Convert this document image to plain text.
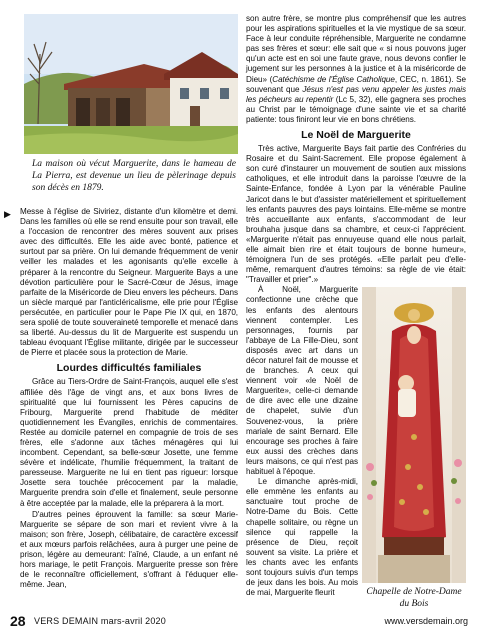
La maison où vécut Marguerite, dans le hameau de La Pierra, est devenue un lieu de pèlerinage depuis son décès en 1879.
▶ Messe à l'église de Siviriez, distante d'un kilomètre et demi. Dans les familles où elle se rend ensuite pour son travail, elle a l'occasion de rencontrer des mères souvent aux prises avec des difficultés. Elle les aide avec bonté, patience et surtout par sa prière. On lui demande fréquemment de venir veiller les malades et les agonisants qu'elle excelle à préparer à la rencontre du Seigneur. Marguerite Bays a une dévotion particulière pour le Sacré-Cœur de Jésus, image parfaite de la Miséricorde de Dieu envers les pécheurs. Dans un siècle marqué par l'anticléricalisme, elle prie pour l'Église persécutée, en particulier pour le Pape Pie IX qui, en 1870, sera spolié de toute souveraineté temporelle et menacé dans sa liberté. Au-dessus du lit de Marguerite est suspendu un tableau évoquant l'Église militante, dirigée par le successeur de Pierre et placée sous la protection de Marie.

Lourdes difficultés familiales

Grâce au Tiers-Ordre de Saint-François, auquel elle s'est affiliée dès l'âge de vingt ans, et aux bons livres de spiritualité que lui fournissent les Pères capucins de Fribourg, Marguerite prend l'habitude de méditer quotidiennement les Évangiles, enrichis de commentaires. Restée au domicile paternel en compagnie de trois de ses frères, elle s'adonne aux tâches ménagères qui lui incombent. Cependant, sa belle-sœur Josette, une femme sévère et indélicate, l'humilie fréquemment, la traitant de paresseuse. Marguerite ne lui en tient pas rigueur: lorsque Josette sera touchée précocement par la maladie, Marguerite prendra soin d'elle et finalement, seule personne à être acceptée par la malade, elle la préparera à la mort.

D'autres peines éprouvent la famille: sa sœur Marie-Marguerite se sépare de son mari et revient vivre à la maison; son frère, Joseph, célibataire, de caractère excessif et aux mœurs parfois relâchées, aura à purger une peine de prison, légère au demeurant: l'aîné, Claude, a un enfant né hors mariage, le petit François. Marguerite presse son frère de le reconnaître officiellement, s'offrant à l'éduquer elle-même. Jean,

son autre frère, se montre plus compréhensif que les autres pour les aspirations spirituelles et la vie mystique de sa sœur. Face à leur conduite répréhensible, Marguerite ne condamne pas ses frères et sœur: elle sait que « si nous pouvons juger qu'un acte est en soi une faute grave, nous devons confier le jugement sur les personnes à la justice et à la miséricorde de Dieu» (Catéchisme de l'Église Catholique, CEC, n. 1861). Se souvenant que Jésus n'est pas venu appeler les justes mais les pécheurs au repentir (Lc 5, 32), elle gagnera ses proches au Christ par le témoignage d'une sainte vie et sa charité patiente: tous finiront leur vie en bons chrétiens.

Le Noël de Marguerite

Très active, Marguerite Bays fait partie des Confréries du Rosaire et du Saint-Sacrement. Elle propose également à son curé d'instaurer un mouvement de soutien aux missions catholiques, et elle introduit dans la paroisse l'œuvre de la Sainte-Enfance, fondée à Lyon par la vénérable Pauline Jaricot dans le but d'assister matériellement et spirituellement les enfants pauvres des pays lointains. Elle-même se montre très accueillante aux enfants, s'accommodant de leur brouhaha jusque dans sa chambre, et ceux-ci l'apprécient. «Marguerite n'était pas ennuyeuse quand elle nous parlait, elle aimait bien rire et était toujours de bonne humeur», témoignera l'un de ses protégés. «Elle parlait peu d'elle-même, remarquent d'autres témoins: sa règle de vie était: "Travailler et prier".»

Chapelle de Notre-Dame du Bois

À Noël, Marguerite confectionne une crèche que les enfants des alentours viennent contempler. Les personnages, fournis par l'abbaye de La Fille-Dieu, sont disposés avec art dans un décor naturel fait de mousse et de branches. A ceux qui viennent voir «le Noël de Marguerite», celle-ci demande de dire avec elle une dizaine de chapelet, suivie d'un Souvenez-vous, la prière mariale de saint Bernard. Elle encourage ses proches à faire eux aussi des crèches dans leurs maisons, ce qui n'est pas habituel à l'époque.

Le dimanche après-midi, elle emmène les enfants au sanctuaire tout proche de Notre-Dame du Bois. Cette chapelle solitaire, ou règne un silence qui rappelle la présence de Dieu, reçoit souvent sa visite. La prière et les chants avec les enfants sont toujours suivis d'un temps de jeux dans les bois. Au mois de mai, Marguerite fleurit

28 VERS DEMAIN mars-avril 2020	www.versdemain.org
